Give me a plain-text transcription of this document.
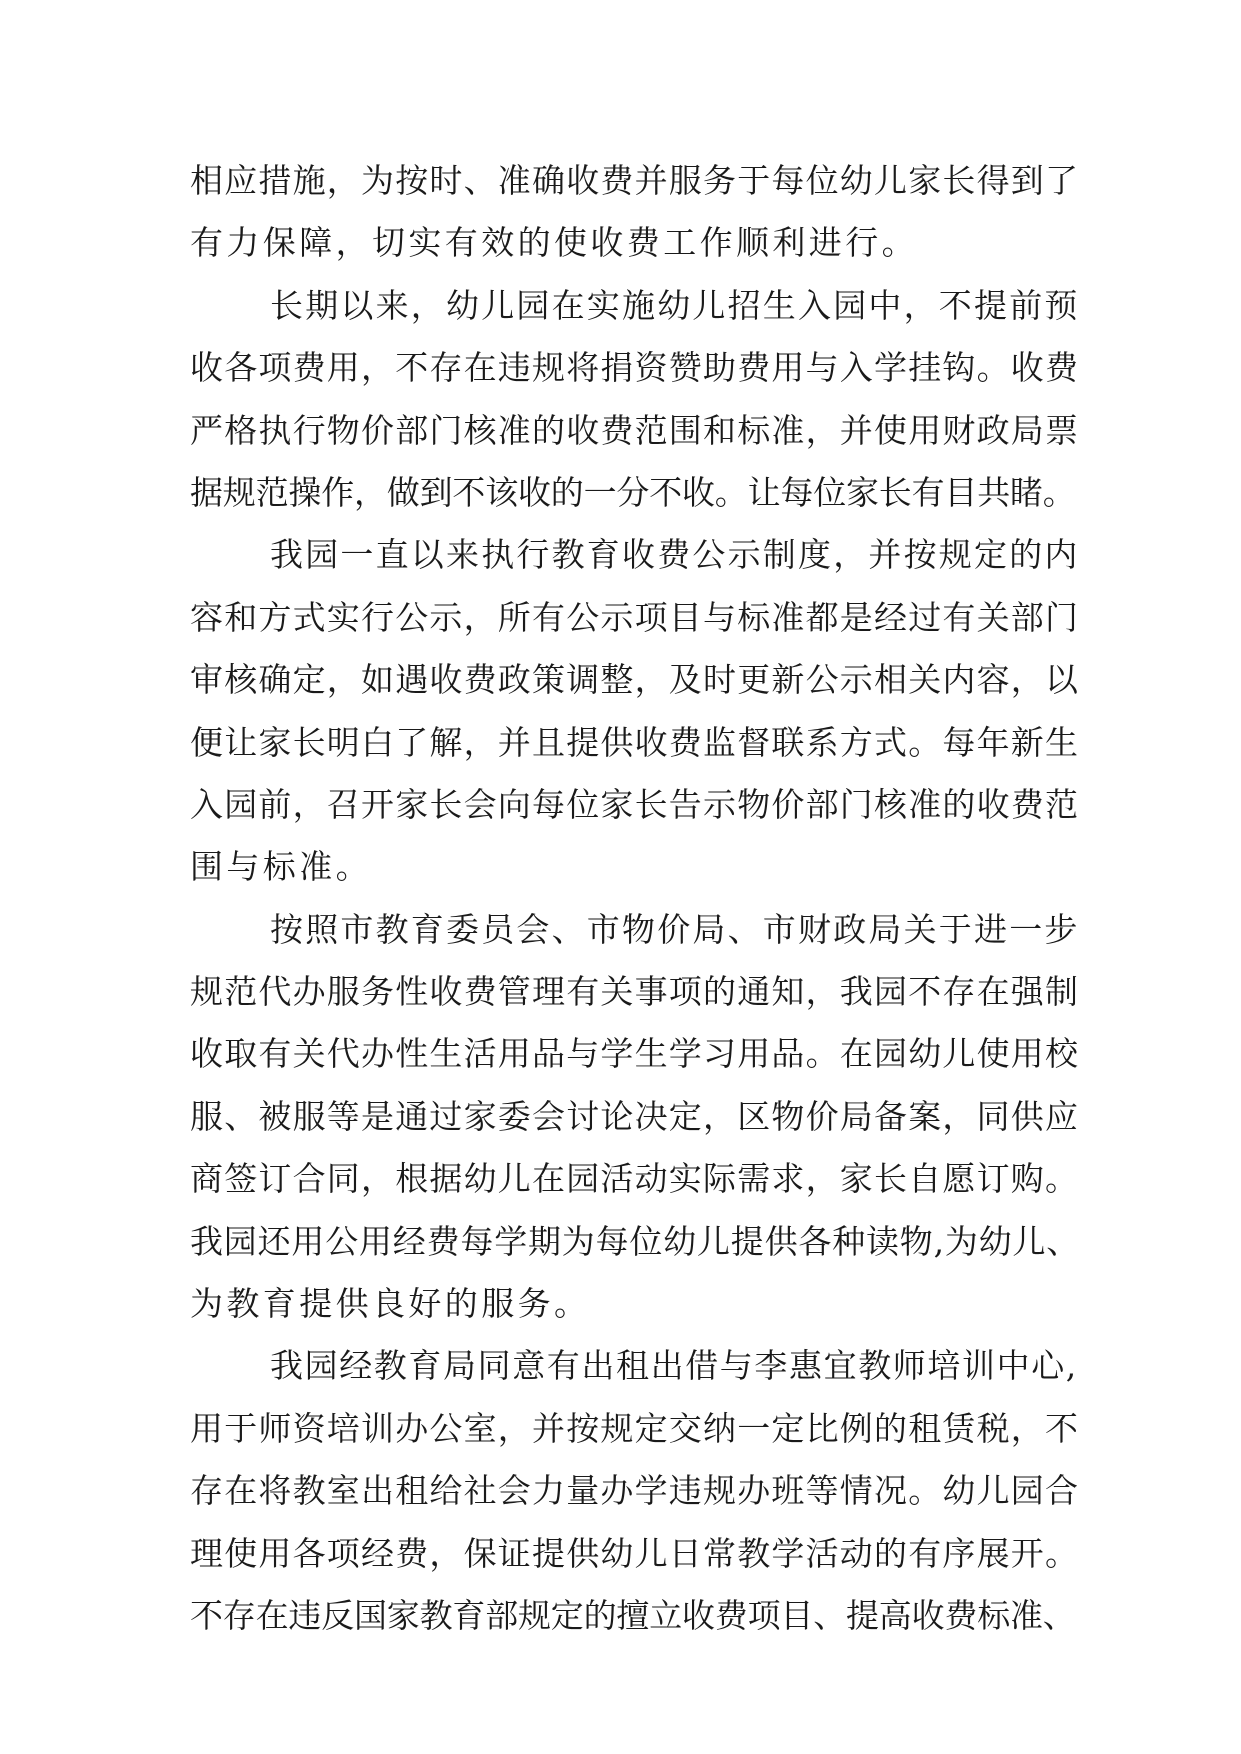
相应措施，为按时、准确收费并服务于每位幼儿家长得到了
有力保障，切实有效的使收费工作顺利进行。
长期以来，幼儿园在实施幼儿招生入园中，不提前预
收各项费用，不存在违规将捐资赞助费用与入学挂钩。收费
严格执行物价部门核准的收费范围和标准，并使用财政局票
据规范操作，做到不该收的一分不收。让每位家长有目共睹。
我园一直以来执行教育收费公示制度，并按规定的内
容和方式实行公示，所有公示项目与标准都是经过有关部门
审核确定，如遇收费政策调整，及时更新公示相关内容，以
便让家长明白了解，并且提供收费监督联系方式。每年新生
入园前，召开家长会向每位家长告示物价部门核准的收费范
围与标准。
按照市教育委员会、市物价局、市财政局关于进一步
规范代办服务性收费管理有关事项的通知，我园不存在强制
收取有关代办性生活用品与学生学习用品。在园幼儿使用校
服、被服等是通过家委会讨论决定，区物价局备案，同供应
商签订合同，根据幼儿在园活动实际需求，家长自愿订购。
我园还用公用经费每学期为每位幼儿提供各种读物,为幼儿、
为教育提供良好的服务。
我园经教育局同意有出租出借与李惠宜教师培训中心,
用于师资培训办公室，并按规定交纳一定比例的租赁税，不
存在将教室出租给社会力量办学违规办班等情况。幼儿园合
理使用各项经费，保证提供幼儿日常教学活动的有序展开。
不存在违反国家教育部规定的擅立收费项目、提高收费标准、
